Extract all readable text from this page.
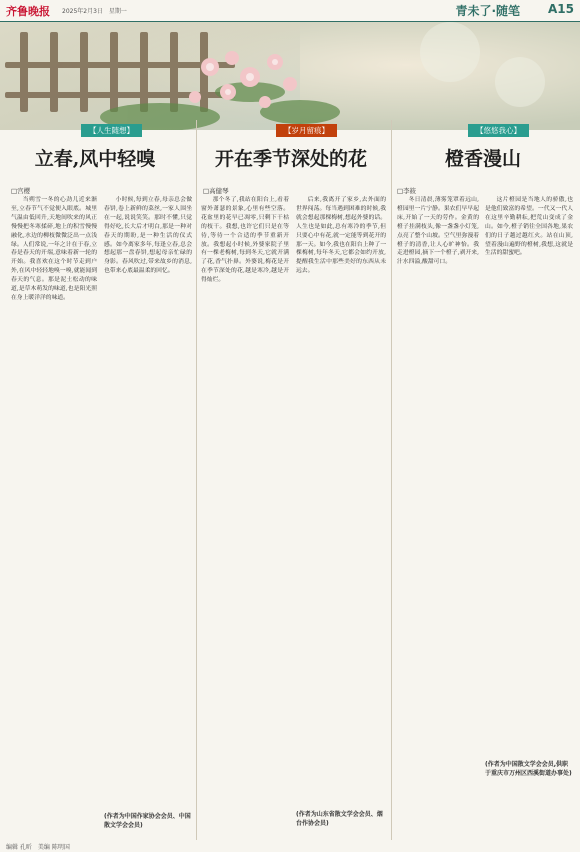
齐鲁晚报 2025年2月3日　星期一	青未了·随笔 A15
【人生随想】	【岁月留痕】	【悠悠我心】
立春,风中轻嗅	开在季节深处的花	橙香漫山
□宫樱	□高健琴	□李筱
当朔雪一冬的心劲儿近来渐至,立春节气不觉便入眼底。城里气温由低回升,天地间吹来的风正慢慢把冬寒揉碎,地上的积雪慢慢融化,水边的柳枝微微泛出一点浅绿。人们常说,一年之计在于春,立春是春天的开端,意味着新一轮的开始。我喜欢在这个时节走到户外,在风中轻轻地嗅一嗅,就能闻到春天的气息。那是泥土松动的味道,是草木萌发的味道,也是阳光照在身上暖洋洋的味道。
小时候,每到立春,母亲总会做春饼,卷上新鲜的菜丝,一家人围坐在一起,说说笑笑。那时不懂,只觉得好吃,长大后才明白,那是一种对春天的期盼,是一种生活的仪式感。如今离家多年,每逢立春,总会想起那一盘春饼,想起母亲忙碌的身影。春风吹过,带来故乡的消息,也带来心底最温柔的回忆。
那个冬了,我站在阳台上,看着窗外萧瑟的景象,心里有些空落。花盆里的花早已凋零,只剩下干枯的枝干。我想,也许它们只是在等待,等待一个合适的季节重新开放。我想起小时候,外婆家院子里有一棵老梅树,每到冬天,它就开满了花,香气扑鼻。外婆说,梅花是开在季节深处的花,越是寒冷,越是开得灿烂。
后来,我离开了家乡,去外面的世界闯荡。每当遇到困难的时候,我就会想起那棵梅树,想起外婆的话。人生也是如此,总有寒冷的季节,但只要心中有花,就一定能等到花开的那一天。如今,我也在阳台上种了一棵梅树,每年冬天,它都会如约开放,提醒我生活中那些美好的东西从未远去。
冬日清晨,薄雾笼罩着远山,橙园里一片宁静。果农们早早起床,开始了一天的劳作。金黄的橙子挂满枝头,像一盏盏小灯笼,点亮了整个山坡。空气里弥漫着橙子的清香,让人心旷神怡。我走进橙园,摘下一个橙子,剥开来,汁水四溢,酸甜可口。
这片橙园是当地人的骄傲,也是他们致富的希望。一代又一代人在这里辛勤耕耘,把荒山变成了金山。如今,橙子销往全国各地,果农们的日子越过越红火。站在山顶,望着漫山遍野的橙树,我想,这就是生活的甜蜜吧。
(作者为中国作家协会会员、中国散文学会会员)
(作者为山东省散文学会会员、烟台作协会员)
(作者为中国散文学会会员,供职于重庆市万州区西溪街道办事处)
编辑 孔昕　美编 陈明国
